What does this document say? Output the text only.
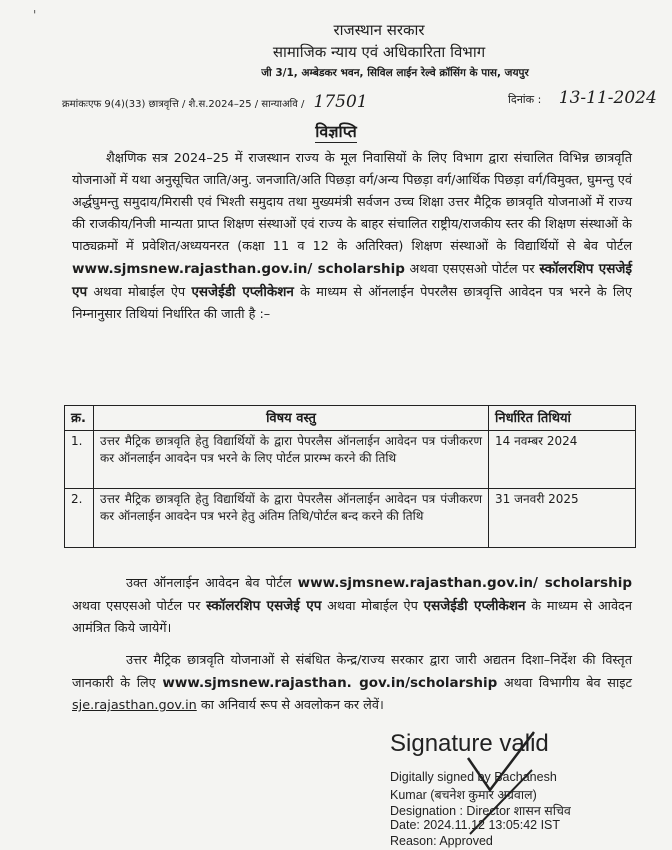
'
राजस्थान सरकार
सामाजिक न्याय एवं अधिकारिता विभाग
जी 3/1, अम्बेडकर भवन, सिविल लाईन रेल्वे क्रॉसिंग के पास, जयपुर
क्रमांकःएफ 9(4)(33) छात्रवृत्ति / शै.स.2024–25 / सान्याअवि / 17501	दिनांक : 13-11-2024
विज्ञप्ति

शैक्षणिक सत्र 2024–25 में राजस्थान राज्य के मूल निवासियों के लिए विभाग द्वारा संचालित विभिन्न छात्रवृति योजनाओं में यथा अनुसूचित जाति/अनु. जनजाति/अति पिछड़ा वर्ग/अन्य पिछड़ा वर्ग/आर्थिक पिछड़ा वर्ग/विमुक्त, घुमन्तु एवं अर्द्धघुमन्तु समुदाय/मिरासी एवं भिश्ती समुदाय तथा मुख्यमंत्री सर्वजन उच्च शिक्षा उत्तर मैट्रिक छात्रवृति योजनाओं में राज्य की राजकीय/निजी मान्यता प्राप्त शिक्षण संस्थाओं एवं राज्य के बाहर संचालित राष्ट्रीय/राजकीय स्तर की शिक्षण संस्थाओं के पाठ्यक्रमों में प्रवेशित/अध्ययनरत (कक्षा 11 व 12 के अतिरिक्त) शिक्षण संस्थाओं के विद्यार्थियों से बेव पोर्टल www.sjmsnew.rajasthan.gov.in/ scholarship अथवा एसएसओ पोर्टल पर स्कॉलरशिप एसजेई एप अथवा मोबाईल ऐप एसजेईडी एप्लीकेशन के माध्यम से ऑनलाईन पेपरलैस छात्रवृत्ति आवेदन पत्र भरने के लिए निम्नानुसार तिथियां निर्धारित की जाती है :–

क्र.	विषय वस्तु	निर्धारित तिथियां
1.	उत्तर मैट्रिक छात्रवृति हेतु विद्यार्थियों के द्वारा पेपरलैस ऑनलाईन आवेदन पत्र पंजीकरण कर ऑनलाईन आवदेन पत्र भरने के लिए पोर्टल प्रारम्भ करने की तिथि	14 नवम्बर 2024
2.	उत्तर मैट्रिक छात्रवृति हेतु विद्यार्थियों के द्वारा पेपरलैस ऑनलाईन आवेदन पत्र पंजीकरण कर ऑनलाईन आवदेन पत्र भरने हेतु अंतिम तिथि/पोर्टल बन्द करने की तिथि	31 जनवरी 2025

उक्त ऑनलाईन आवेदन बेव पोर्टल www.sjmsnew.rajasthan.gov.in/ scholarship अथवा एसएसओ पोर्टल पर स्कॉलरशिप एसजेई एप अथवा मोबाईल ऐप एसजेईडी एप्लीकेशन के माध्यम से आवेदन आमंत्रित किये जायेगें।

उत्तर मैट्रिक छात्रवृति योजनाओं से संबंधित केन्द्र/राज्य सरकार द्वारा जारी अद्यतन दिशा–निर्देश की विस्तृत जानकारी के लिए www.sjmsnew.rajasthan. gov.in/scholarship अथवा विभागीय बेव साइट sje.rajasthan.gov.in का अनिवार्य रूप से अवलोकन कर लेवें।

Signature valid
Digitally signed by Bachanesh
Kumar (बचनेश कुमार अग्रवाल)
Designation : Director शासन सचिव
Date: 2024.11.12 13:05:42 IST
Reason: Approved
